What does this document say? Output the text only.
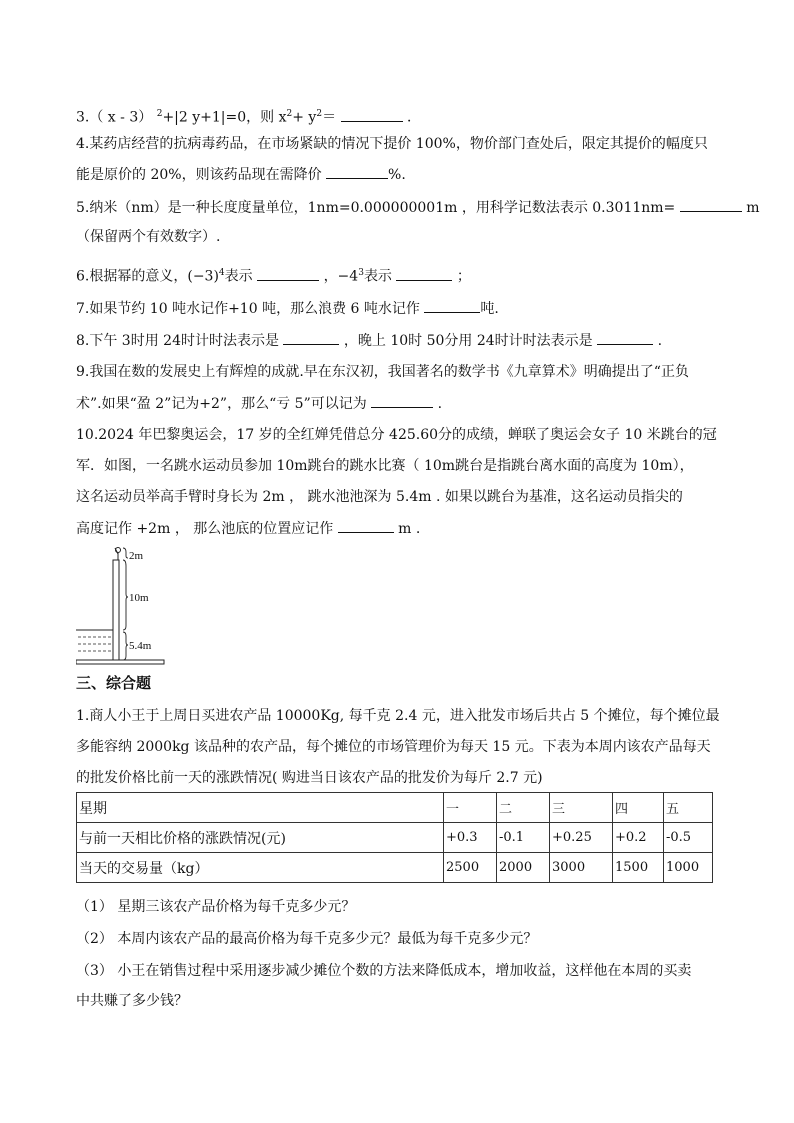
3.（ x - 3） $^2$+|2 y+1|=0，则 $x^2+ y^2=$	．
4.某药店经营的抗病毒药品，在市场紧缺的情况下提价 100%，物价部门查处后，限定其提价的幅度只
能是原价的 20%，则该药品现在需降价	%.
5.纳米（nm）是一种长度度量单位，1nm=0.000000001m ，用科学记数法表示 0.3011nm=	m
（保留两个有效数字）.
6.根据幂的意义，$(-3)^4$表示	，$-4^3$表示	；
7.如果节约 10 吨水记作+10 吨，那么浪费 6 吨水记作	吨.
8.下午 3时用 24时计时法表示是	，晚上 10时 50分用 24时计时法表示是	.
9.我国在数的发展史上有辉煌的成就.早在东汉初，我国著名的数学书《九章算术》明确提出了“正负
术”.如果“盈 2”记为+2”，那么“亏 5”可以记为	.
10.2024 年巴黎奥运会，17 岁的全红婵凭借总分 425.60分的成绩，蝉联了奥运会女子 10 米跳台的冠
军．如图，一名跳水运动员参加 10m跳台的跳水比赛（ 10m跳台是指跳台离水面的高度为 10m），
这名运动员举高手臂时身长为 2m ， 跳水池池深为 5.4m . 如果以跳台为基准，这名运动员指尖的
高度记作 +2m ， 那么池底的位置应记作	m .
2m
10m
5.4m
三、综合题
1.商人小王于上周日买进农产品 10000Kg, 每千克 2.4 元，进入批发市场后共占 5 个摊位，每个摊位最
多能容纳 2000kg 该品种的农产品，每个摊位的市场管理价为每天 15 元。下表为本周内该农产品每天
的批发价格比前一天的涨跌情况( 购进当日该农产品的批发价为每斤 2.7 元)
星期	一	二	三	四	五
与前一天相比价格的涨跌情况(元)	+0.3	-0.1	+0.25	+0.2	-0.5
当天的交易量（kg）	2500	2000	3000	1500	1000
（1） 星期三该农产品价格为每千克多少元？
（2） 本周内该农产品的最高价格为每千克多少元？最低为每千克多少元？
（3） 小王在销售过程中采用逐步减少摊位个数的方法来降低成本，增加收益，这样他在本周的买卖
中共赚了多少钱？
